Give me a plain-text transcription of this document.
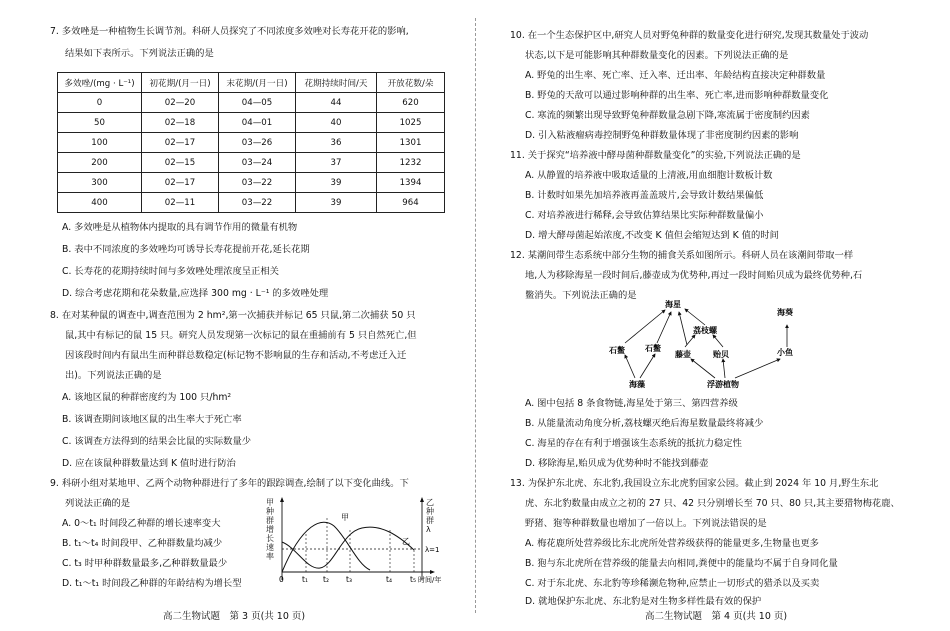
7. 多效唑是一种植物生长调节剂。科研人员探究了不同浓度多效唑对长寿花开花的影响,
结果如下表所示。下列说法正确的是
多效唑/(mg · L⁻¹)	初花期/(月一日)	末花期/(月一日)	花期持续时间/天	开放花数/朵
0	02—20	04—05	44	620
50	02—18	04—01	40	1025
100	02—17	03—26	36	1301
200	02—15	03—24	37	1232
300	02—17	03—22	39	1394
400	02—11	03—22	39	964
A. 多效唑是从植物体内提取的具有调节作用的微量有机物
B. 表中不同浓度的多效唑均可诱导长寿花提前开花,延长花期
C. 长寿花的花期持续时间与多效唑处理浓度呈正相关
D. 综合考虑花期和花朵数量,应选择 300 mg · L⁻¹ 的多效唑处理
8. 在对某种鼠的调查中,调查范围为 2 hm²,第一次捕获并标记 65 只鼠,第二次捕获 50 只
鼠,其中有标记的鼠 15 只。研究人员发现第一次标记的鼠在重捕前有 5 只自然死亡,但
因该段时间内有鼠出生而种群总数稳定(标记物不影响鼠的生存和活动,不考虑迁入迁
出)。下列说法正确的是
A. 该地区鼠的种群密度约为 100 只/hm²
B. 该调查期间该地区鼠的出生率大于死亡率
C. 该调查方法得到的结果会比鼠的实际数量少
D. 应在该鼠种群数量达到 K 值时进行防治
9. 科研小组对某地甲、乙两个动物种群进行了多年的跟踪调查,绘制了以下变化曲线。下
列说法正确的是
A. 0～t₁ 时间段乙种群的增长速率变大
B. t₁～t₄ 时间段甲、乙种群数量均减少
C. t₃ 时甲种群数量最多,乙种群数量最少
D. t₁～t₁ 时间段乙种群的年龄结构为增长型
甲
乙
λ=1
0 t₁ t₂ t₃	t₄ t₅ 时间/年
甲种群增长速率
乙种群λ
高二生物试题　第 3 页(共 10 页)
10. 在一个生态保护区中,研究人员对野兔种群的数量变化进行研究,发现其数量处于波动
状态,以下是可能影响其种群数量变化的因素。下列说法正确的是
A. 野兔的出生率、死亡率、迁入率、迁出率、年龄结构直接决定种群数量
B. 野兔的天敌可以通过影响种群的出生率、死亡率,进而影响种群数量变化
C. 寒流的频繁出现导致野兔种群数量急剧下降,寒流属于密度制约因素
D. 引入粘液瘤病毒控制野兔种群数量体现了非密度制约因素的影响
11. 关于探究“培养液中酵母菌种群数量变化”的实验,下列说法正确的是
A. 从静置的培养液中吸取适量的上清液,用血细胞计数板计数
B. 计数时如果先加培养液再盖盖玻片,会导致计数结果偏低
C. 对培养液进行稀释,会导致估算结果比实际种群数量偏小
D. 增大酵母菌起始浓度,不改变 K 值但会缩短达到 K 值的时间
12. 某潮间带生态系统中部分生物的捕食关系如图所示。科研人员在该潮间带取一样
地,人为移除海星一段时间后,藤壶成为优势种,再过一段时间贻贝成为最终优势种,石
鳖消失。下列说法正确的是
海星
海葵
荔枝螺
石鳖	石鳖
藤壶	贻贝	小鱼
海藻	浮游植物
A. 图中包括 8 条食物链,海星处于第三、第四营养级
B. 从能量流动角度分析,荔枝螺灭绝后海星数量最终将减少
C. 海星的存在有利于增强该生态系统的抵抗力稳定性
D. 移除海星,贻贝成为优势种时不能找到藤壶
13. 为保护东北虎、东北豹,我国设立东北虎豹国家公园。截止到 2024 年 10 月,野生东北
虎、东北豹数量由成立之初的 27 只、42 只分别增长至 70 只、80 只,其主要猎物梅花鹿、
野猪、狍等种群数量也增加了一倍以上。下列说法错误的是
A. 梅花鹿所处营养级比东北虎所处营养级获得的能量更多,生物量也更多
B. 狍与东北虎所在营养级的能量去向相同,粪便中的能量均不属于自身同化量
C. 对于东北虎、东北豹等珍稀濒危物种,应禁止一切形式的猎杀以及买卖
D. 就地保护东北虎、东北豹是对生物多样性最有效的保护
高二生物试题　第 4 页(共 10 页)
